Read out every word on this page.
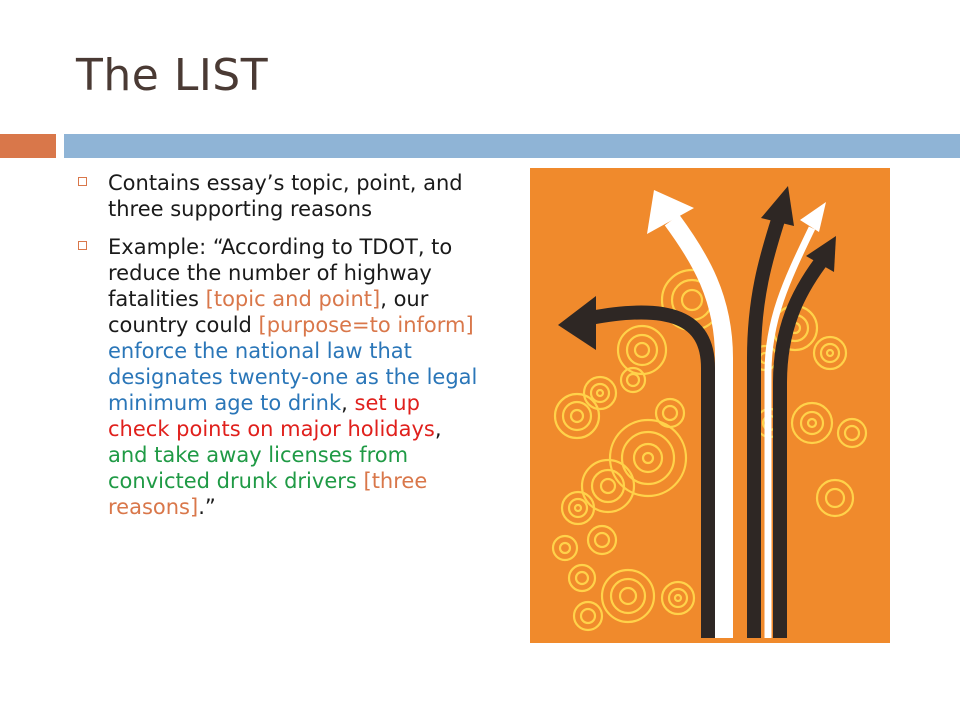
The LIST
Contains essay’s topic, point, and three supporting reasons
Example: “According to TDOT, to reduce the number of highway fatalities [topic and point], our country could [purpose=to inform] enforce the national law that designates twenty-one as the legal minimum age to drink, set up check points on major holidays, and take away licenses from convicted drunk drivers [three reasons].”
